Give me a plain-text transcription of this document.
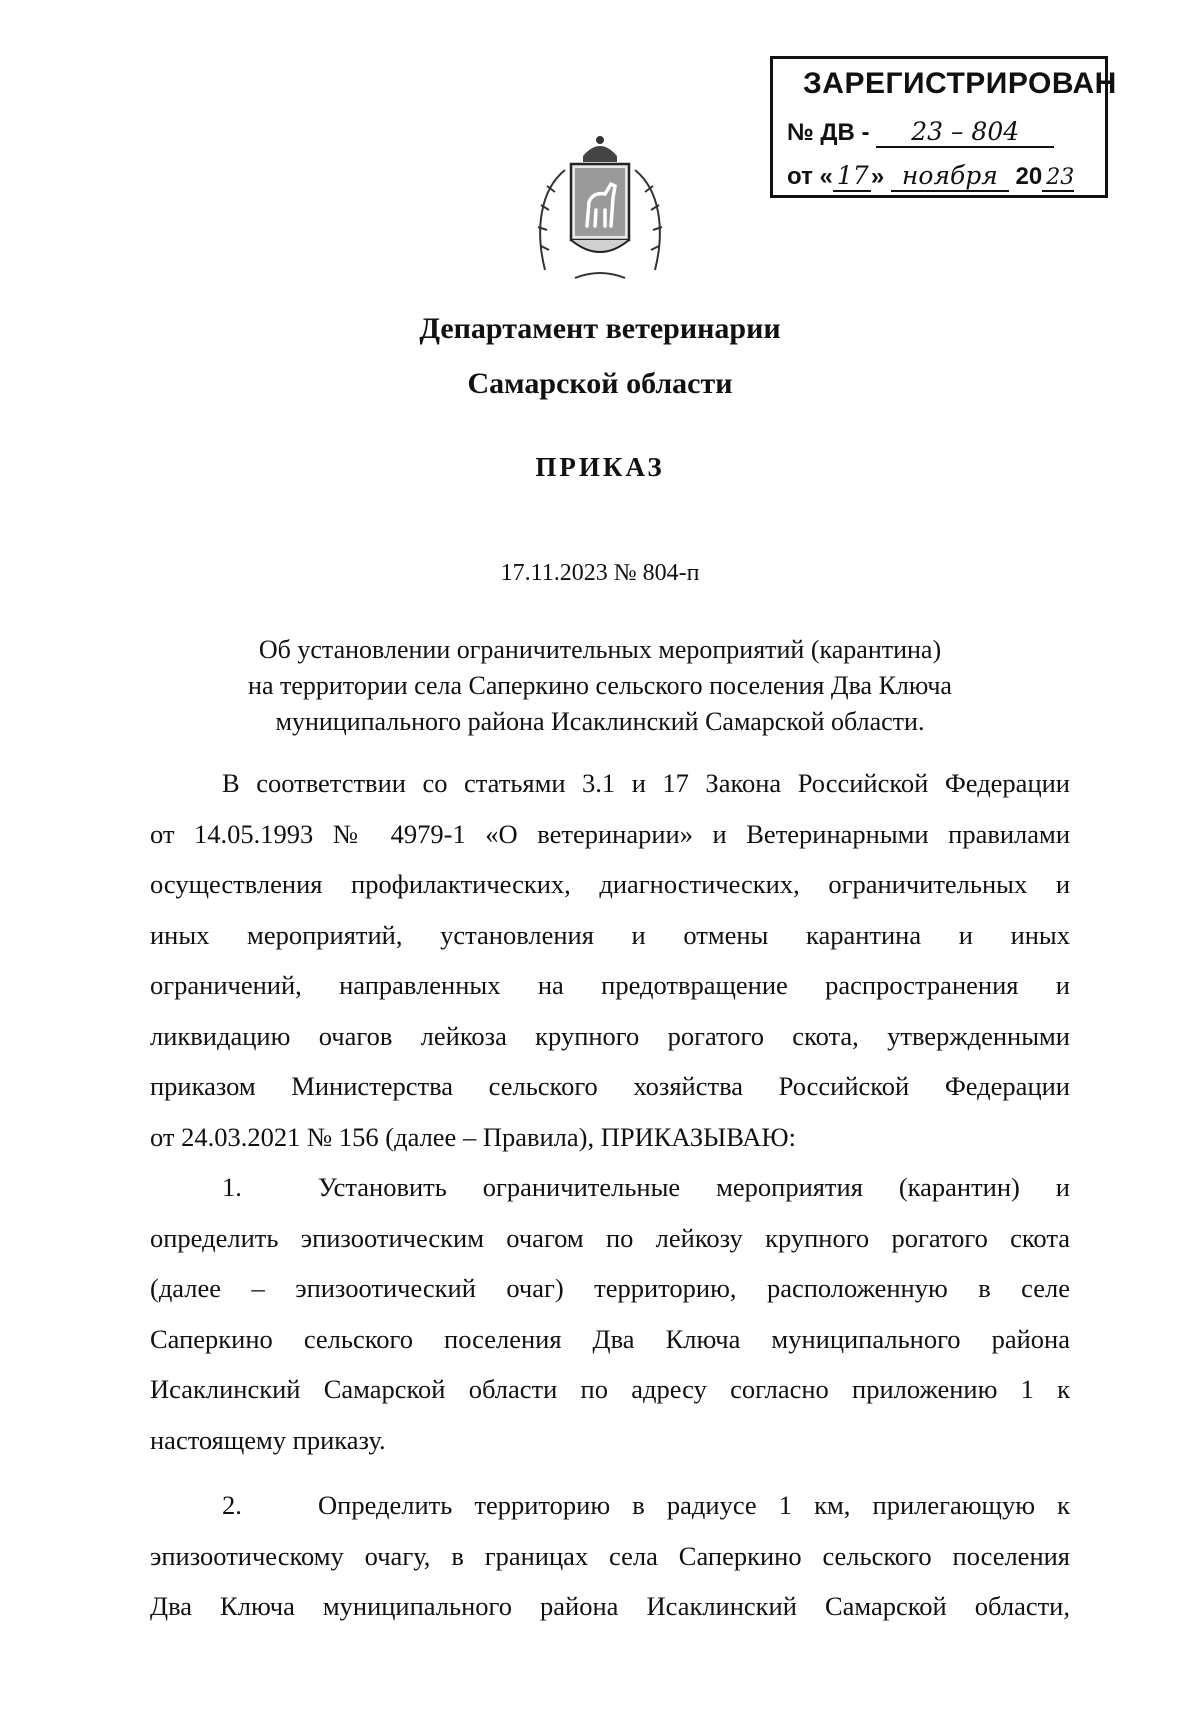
ЗАРЕГИСТРИРОВАН
№ ДВ - 23 – 804
от « 17» ноября 20 23
Департамент ветеринарии
Самарской области
ПРИКАЗ
17.11.2023 № 804-п
Об установлении ограничительных мероприятий (карантина)
на территории села Саперкино сельского поселения Два Ключа
муниципального района Исаклинский Самарской области.
В соответствии со статьями 3.1 и 17 Закона Российской Федерации
от 14.05.1993 № 4979-1 «О ветеринарии» и Ветеринарными правилами
осуществления профилактических, диагностических, ограничительных и
иных мероприятий, установления и отмены карантина и иных
ограничений, направленных на предотвращение распространения и
ликвидацию очагов лейкоза крупного рогатого скота, утвержденными
приказом Министерства сельского хозяйства Российской Федерации
от 24.03.2021 № 156 (далее – Правила), ПРИКАЗЫВАЮ:
1.	Установить ограничительные мероприятия (карантин) и
определить эпизоотическим очагом по лейкозу крупного рогатого скота
(далее – эпизоотический очаг) территорию, расположенную в селе
Саперкино сельского поселения Два Ключа муниципального района
Исаклинский Самарской области по адресу согласно приложению 1 к
настоящему приказу.
2.	Определить территорию в радиусе 1 км, прилегающую к
эпизоотическому очагу, в границах села Саперкино сельского поселения
Два Ключа муниципального района Исаклинский Самарской области,
